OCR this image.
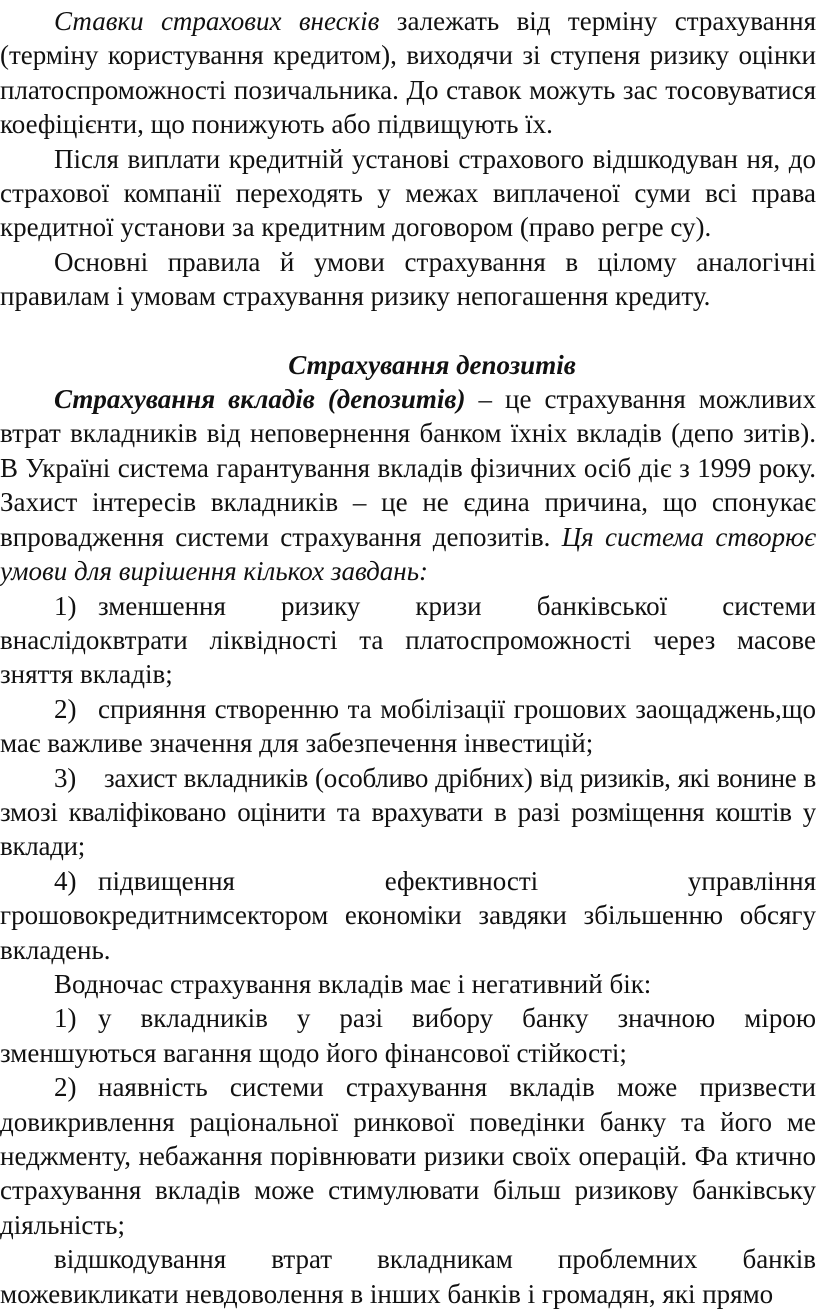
Ставки страхових внесків залежать від терміну страхування (терміну користування кредитом), виходячи зі ступеня ризику оцінки платоспроможності позичальника. До ставок можуть зас тосовуватися коефіцієнти, що понижують або підвищують їх.

Після виплати кредитній установі страхового відшкодуван ня, до страхової компанії переходять у межах виплаченої суми всі права кредитної установи за кредитним договором (право регре су).

Основні правила й умови страхування в цілому аналогічні правилам і умовам страхування ризику непогашення кредиту.

Страхування депозитів

Страхування вкладів (депозитів) – це страхування можливих втрат вкладників від неповернення банком їхніх вкладів (депо зитів). В Україні система гарантування вкладів фізичних осіб діє з 1999 року. Захист інтересів вкладників – це не єдина причина, що спонукає впровадження системи страхування депозитів. Ця система створює умови для вирішення кількох завдань:

1) зменшення ризику кризи банківської системи внаслідоквтрати ліквідності та платоспроможності через масове зняття вкладів;

2) сприяння створенню та мобілізації грошових заощаджень,що має важливе значення для забезпечення інвестицій;

3) захист вкладників (особливо дрібних) від ризиків, які вонине в змозі кваліфіковано оцінити та врахувати в разі розміщення коштів у вклади;

4) підвищення ефективності управління грошовокредитнимсектором економіки завдяки збільшенню обсягу вкладень.

Водночас страхування вкладів має і негативний бік:

1) у вкладників у разі вибору банку значною мірою зменшуються вагання щодо його фінансової стійкості;

2) наявність системи страхування вкладів може призвести довикривлення раціональної ринкової поведінки банку та його ме неджменту, небажання порівнювати ризики своїх операцій. Фа ктично страхування вкладів може стимулювати більш ризикову банківську діяльність;

відшкодування втрат вкладникам проблемних банків можевикликати невдоволення в інших банків і громадян, які прямо
